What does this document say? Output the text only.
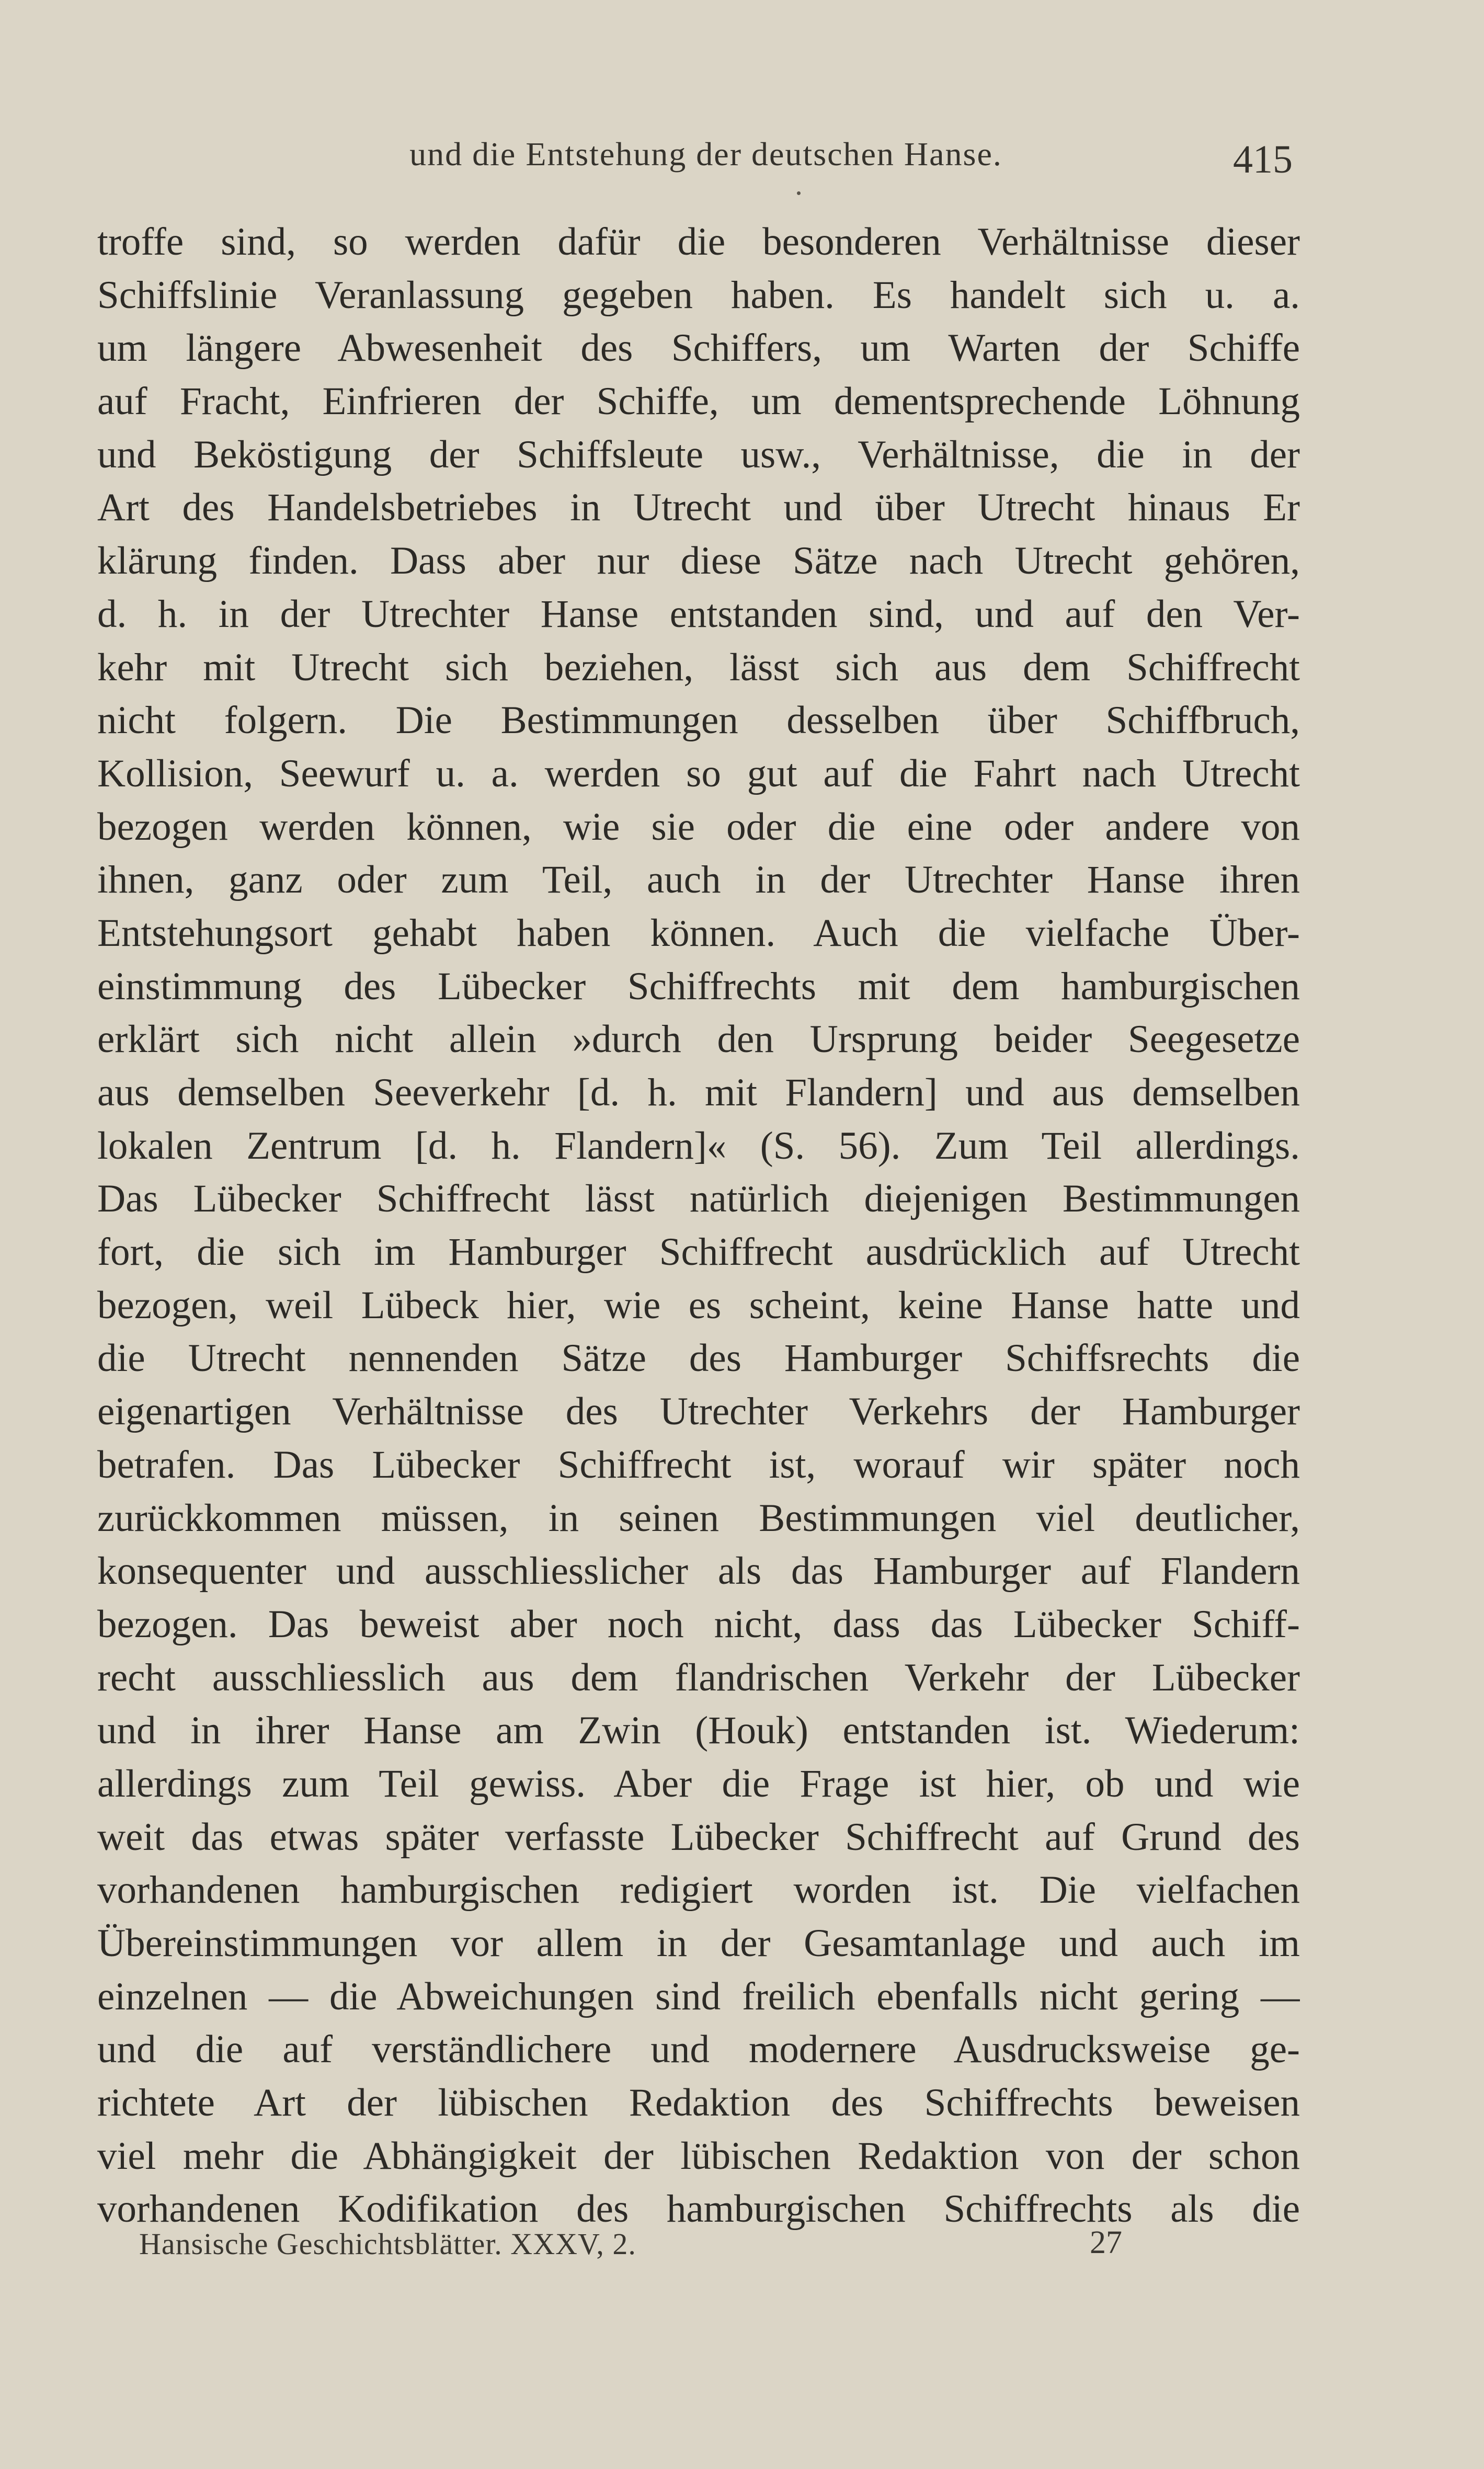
und die Entstehung der deutschen Hanse.	415
troffe sind, so werden dafür die besonderen Verhältnisse dieser
Schiffslinie Veranlassung gegeben haben. Es handelt sich u. a.
um längere Abwesenheit des Schiffers, um Warten der Schiffe
auf Fracht, Einfrieren der Schiffe, um dementsprechende Löhnung
und Beköstigung der Schiffsleute usw., Verhältnisse, die in der
Art des Handelsbetriebes in Utrecht und über Utrecht hinaus Er
klärung finden. Dass aber nur diese Sätze nach Utrecht gehören,
d. h. in der Utrechter Hanse entstanden sind, und auf den Ver-
kehr mit Utrecht sich beziehen, lässt sich aus dem Schiffrecht
nicht folgern. Die Bestimmungen desselben über Schiffbruch,
Kollision, Seewurf u. a. werden so gut auf die Fahrt nach Utrecht
bezogen werden können, wie sie oder die eine oder andere von
ihnen, ganz oder zum Teil, auch in der Utrechter Hanse ihren
Entstehungsort gehabt haben können. Auch die vielfache Über-
einstimmung des Lübecker Schiffrechts mit dem hamburgischen
erklärt sich nicht allein »durch den Ursprung beider Seegesetze
aus demselben Seeverkehr [d. h. mit Flandern] und aus demselben
lokalen Zentrum [d. h. Flandern]« (S. 56). Zum Teil allerdings.
Das Lübecker Schiffrecht lässt natürlich diejenigen Bestimmungen
fort, die sich im Hamburger Schiffrecht ausdrücklich auf Utrecht
bezogen, weil Lübeck hier, wie es scheint, keine Hanse hatte und
die Utrecht nennenden Sätze des Hamburger Schiffsrechts die
eigenartigen Verhältnisse des Utrechter Verkehrs der Hamburger
betrafen. Das Lübecker Schiffrecht ist, worauf wir später noch
zurückkommen müssen, in seinen Bestimmungen viel deutlicher,
konsequenter und ausschliesslicher als das Hamburger auf Flandern
bezogen. Das beweist aber noch nicht, dass das Lübecker Schiff-
recht ausschliesslich aus dem flandrischen Verkehr der Lübecker
und in ihrer Hanse am Zwin (Houk) entstanden ist. Wiederum:
allerdings zum Teil gewiss. Aber die Frage ist hier, ob und wie
weit das etwas später verfasste Lübecker Schiffrecht auf Grund des
vorhandenen hamburgischen redigiert worden ist. Die vielfachen
Übereinstimmungen vor allem in der Gesamtanlage und auch im
einzelnen — die Abweichungen sind freilich ebenfalls nicht gering —
und die auf verständlichere und modernere Ausdrucksweise ge-
richtete Art der lübischen Redaktion des Schiffrechts beweisen
viel mehr die Abhängigkeit der lübischen Redaktion von der schon
vorhandenen Kodifikation des hamburgischen Schiffrechts als die
Hansische Geschichtsblätter. XXXV, 2.	27
